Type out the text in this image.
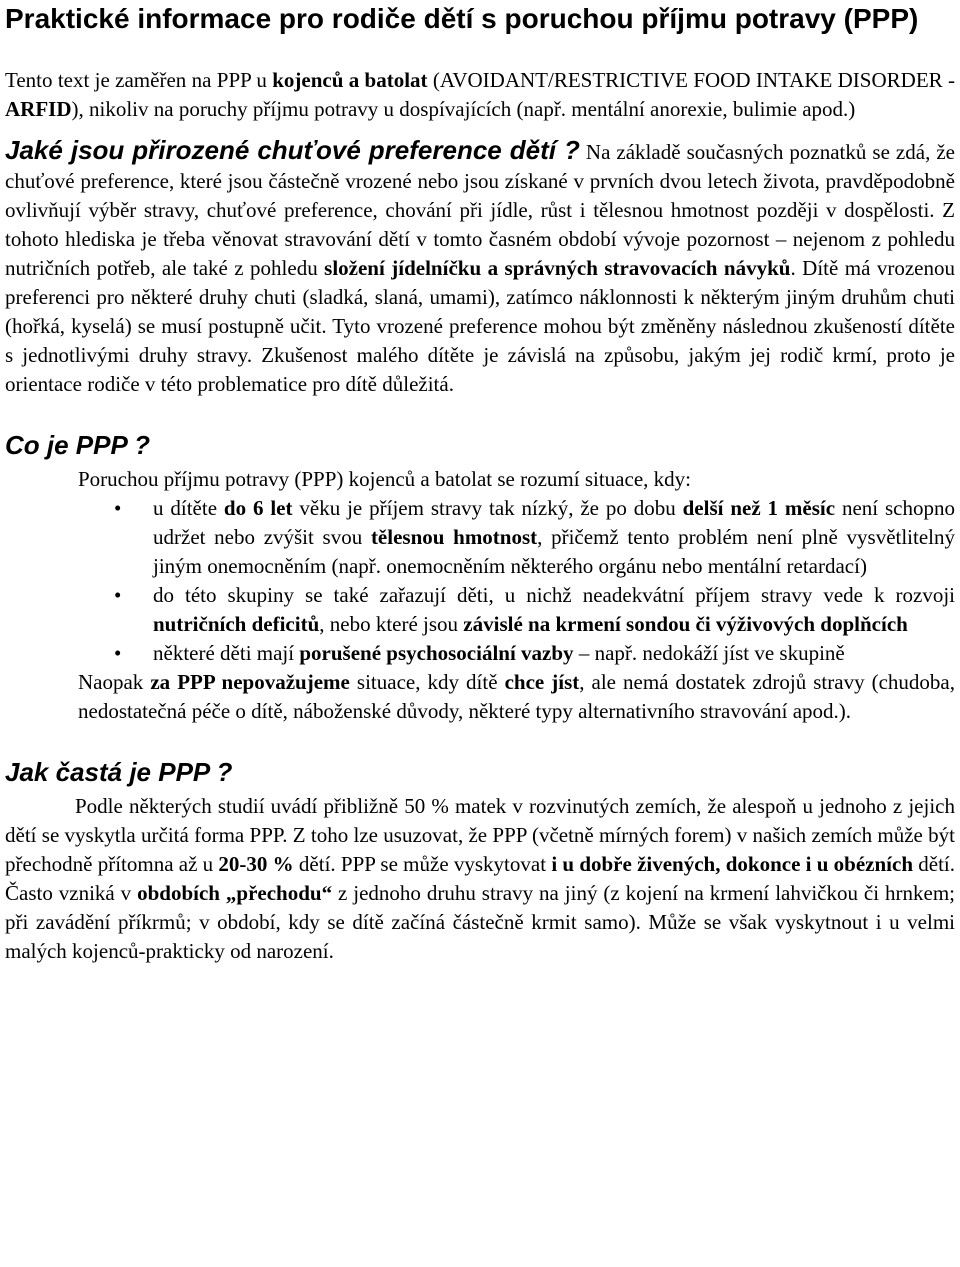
Praktické informace pro rodiče dětí s poruchou příjmu potravy (PPP)

Tento text je zaměřen na PPP u kojenců a batolat (AVOIDANT/RESTRICTIVE FOOD INTAKE DISORDER - ARFID), nikoliv na poruchy příjmu potravy u dospívajících (např. mentální anorexie, bulimie apod.)

Jaké jsou přirozené chuťové preference dětí ? Na základě současných poznatků se zdá, že chuťové preference, které jsou částečně vrozené nebo jsou získané v prvních dvou letech života, pravděpodobně ovlivňují výběr stravy, chuťové preference, chování při jídle, růst i tělesnou hmotnost později v dospělosti. Z tohoto hlediska je třeba věnovat stravování dětí v tomto časném období vývoje pozornost – nejenom z pohledu nutričních potřeb, ale také z pohledu složení jídelníčku a správných stravovacích návyků. Dítě má vrozenou preferenci pro některé druhy chuti (sladká, slaná, umami), zatímco náklonnosti k některým jiným druhům chuti (hořká, kyselá) se musí postupně učit. Tyto vrozené preference mohou být změněny následnou zkušeností dítěte s jednotlivými druhy stravy. Zkušenost malého dítěte je závislá na způsobu, jakým jej rodič krmí, proto je orientace rodiče v této problematice pro dítě důležitá.
Co je PPP ?

Poruchou příjmu potravy (PPP) kojenců a batolat se rozumí situace, kdy:

• u dítěte do 6 let věku je příjem stravy tak nízký, že po dobu delší než 1 měsíc není schopno udržet nebo zvýšit svou tělesnou hmotnost, přičemž tento problém není plně vysvětlitelný jiným onemocněním (např. onemocněním některého orgánu nebo mentální retardací)
• do této skupiny se také zařazují děti, u nichž neadekvátní příjem stravy vede k rozvoji nutričních deficitů, nebo které jsou závislé na krmení sondou či výživových doplňcích
• některé děti mají porušené psychosociální vazby – např. nedokáží jíst ve skupině

Naopak za PPP nepovažujeme situace, kdy dítě chce jíst, ale nemá dostatek zdrojů stravy (chudoba, nedostatečná péče o dítě, náboženské důvody, některé typy alternativního stravování apod.).

Jak častá je PPP ?

Podle některých studií uvádí přibližně 50 % matek v rozvinutých zemích, že alespoň u jednoho z jejich dětí se vyskytla určitá forma PPP. Z toho lze usuzovat, že PPP (včetně mírných forem) v našich zemích může být přechodně přítomna až u 20-30 % dětí. PPP se může vyskytovat i u dobře živených, dokonce i u obézních dětí. Často vzniká v obdobích „přechodu“ z jednoho druhu stravy na jiný (z kojení na krmení lahvičkou či hrnkem; při zavádění příkrmů; v období, kdy se dítě začíná částečně krmit samo). Může se však vyskytnout i u velmi malých kojenců-prakticky od narození.
